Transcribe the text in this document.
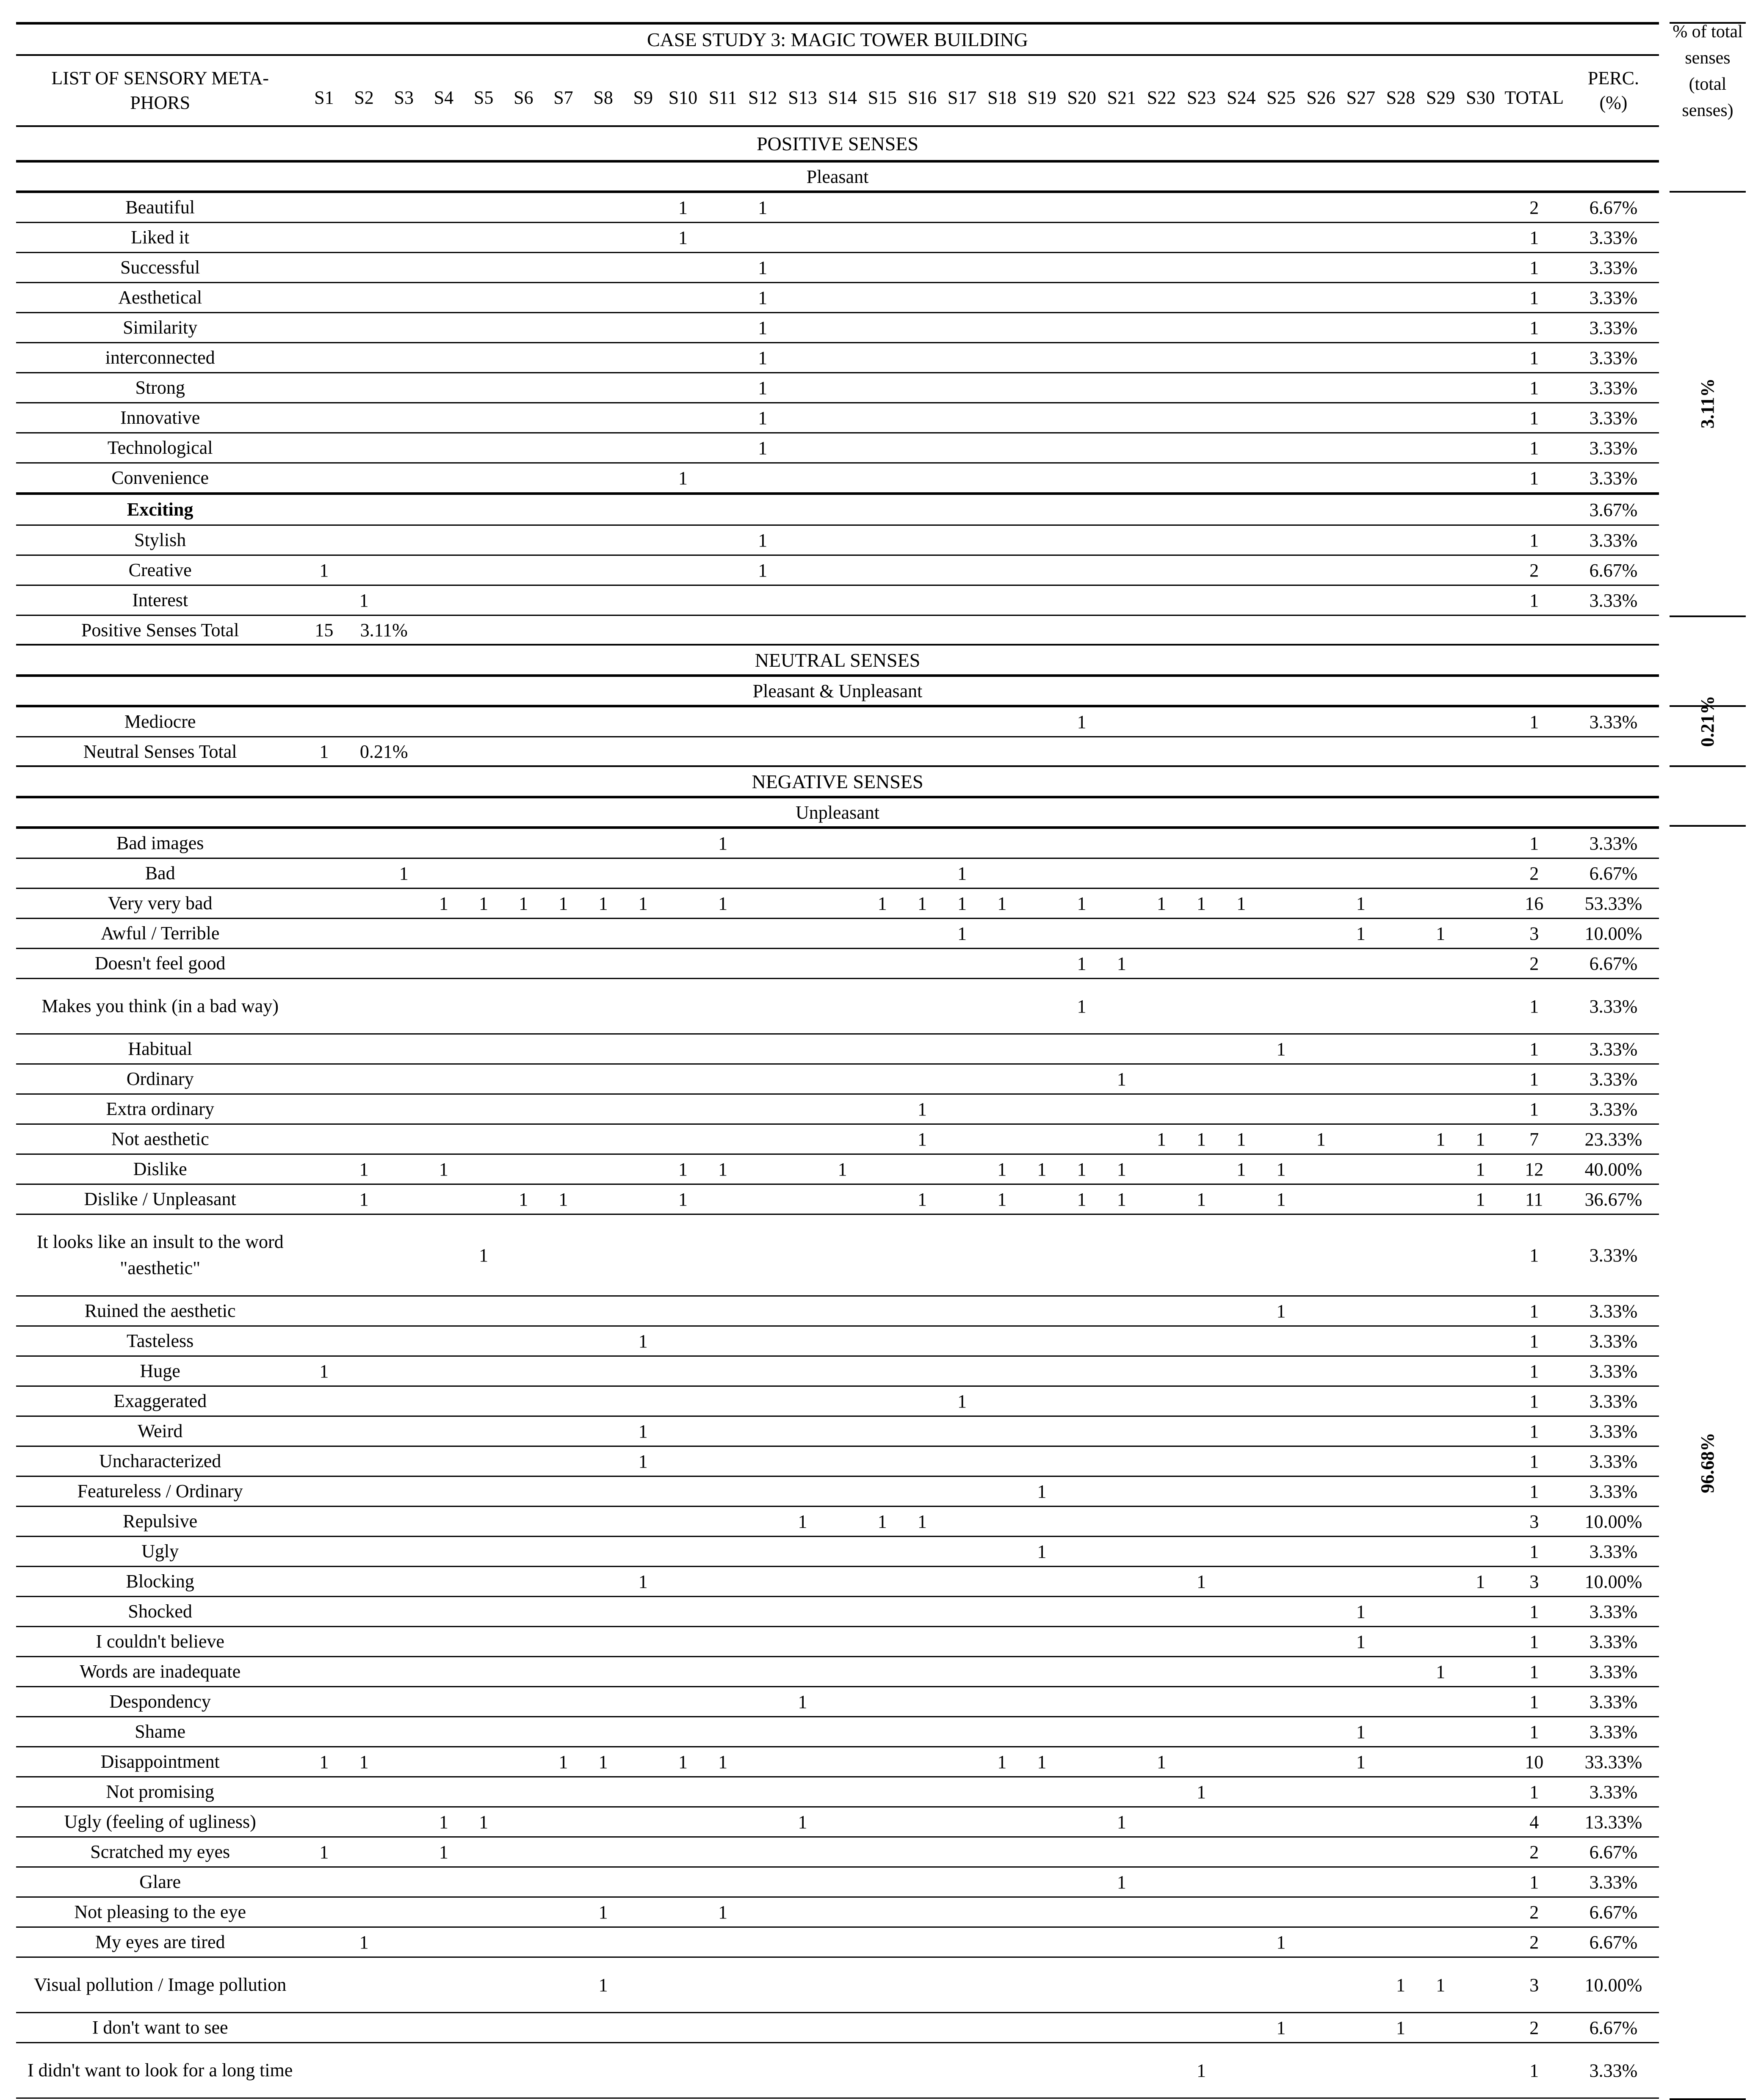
CASE STUDY 3: MAGIC TOWER BUILDING																																
LIST OF SENSORY META-PHORS	S1	S2	S3	S4	S5	S6	S7	S8	S9	S10	S11	S12	S13	S14	S15	S16	S17	S18	S19	S20	S21	S22	S23	S24	S25	S26	S27	S28	S29	S30	TOTAL	PERC. (%)
POSITIVE SENSES																																
Pleasant																																
Beautiful										1		1																			2	6.67%
Liked it										1																					1	3.33%
Successful												1																			1	3.33%
Aesthetical												1																			1	3.33%
Similarity												1																			1	3.33%
interconnected												1																			1	3.33%
Strong												1																			1	3.33%
Innovative												1																			1	3.33%
Technological												1																			1	3.33%
Convenience										1																					1	3.33%
Exciting																																3.67%
Stylish												1																			1	3.33%
Creative	1											1																			2	6.67%
Interest		1																													1	3.33%
Positive Senses Total	15	3.11%																														
NEUTRAL SENSES																																
Pleasant & Unpleasant																																
Mediocre																				1											1	3.33%
Neutral Senses Total	1	0.21%																														
NEGATIVE SENSES																																
Unpleasant																																
Bad images											1																				1	3.33%
Bad			1														1														2	6.67%
Very very bad				1	1	1	1	1	1		1				1	1	1	1		1		1	1	1			1				16	53.33%
Awful / Terrible																	1										1		1		3	10.00%
Doesn't feel good																				1	1										2	6.67%
Makes you think (in a bad way)																				1											1	3.33%
Habitual																									1						1	3.33%
Ordinary																					1										1	3.33%
Extra ordinary																1															1	3.33%
Not aesthetic																1						1	1	1		1			1	1	7	23.33%
Dislike		1		1						1	1			1				1	1	1	1			1	1					1	12	40.00%
Dislike / Unpleasant		1				1	1			1						1		1		1	1		1		1					1	11	36.67%
It looks like an insult to the word "aesthetic"					1																										1	3.33%
Ruined the aesthetic																									1						1	3.33%
Tasteless									1																						1	3.33%
Huge	1																														1	3.33%
Exaggerated																	1														1	3.33%
Weird									1																						1	3.33%
Uncharacterized									1																						1	3.33%
Featureless / Ordinary																			1												1	3.33%
Repulsive													1		1	1															3	10.00%
Ugly																			1												1	3.33%
Blocking									1														1							1	3	10.00%
Shocked																											1				1	3.33%
I couldn't believe																											1				1	3.33%
Words are inadequate																													1		1	3.33%
Despondency													1																		1	3.33%
Shame																											1				1	3.33%
Disappointment	1	1					1	1		1	1							1	1			1					1				10	33.33%
Not promising																							1								1	3.33%
Ugly (feeling of ugliness)				1	1								1								1										4	13.33%
Scratched my eyes	1			1																											2	6.67%
Glare																					1										1	3.33%
Not pleasing to the eye								1			1																				2	6.67%
My eyes are tired		1																							1						2	6.67%
Visual pollution / Image pollution								1																				1	1		3	10.00%
I don't want to see																									1			1			2	6.67%
I didn't want to look for a long time																							1								1	3.33%
% of total senses (total senses)
3.11%
0.21%
96.68%
